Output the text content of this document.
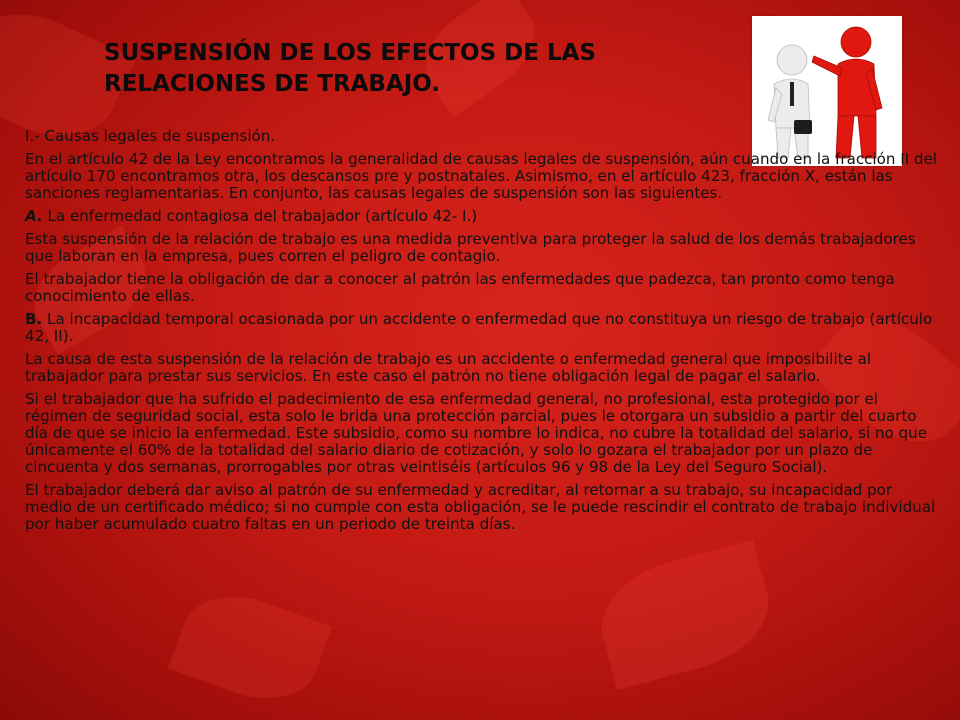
SUSPENSIÓN DE LOS EFECTOS DE LAS
RELACIONES DE TRABAJO.

I.- Causas legales de suspensión.

En el artículo 42 de la Ley encontramos la generalidad de causas legales de suspensión, aún cuando en la fracción II del artículo 170 encontramos otra, los descansos pre y postnatales. Asimismo, en el artículo 423, fracción X, están las sanciones reglamentarias. En conjunto, las causas legales de suspensión son las siguientes.

A. La enfermedad contagiosa del trabajador (artículo 42- I.)

Esta suspensión de la relación de trabajo es una medida preventiva para proteger la salud de los demás trabajadores que laboran en la empresa, pues corren el peligro de contagio.

El trabajador tiene la obligación de dar a conocer al patrón las enfermedades que padezca, tan pronto como tenga conocimiento de ellas.

B. La incapacidad temporal ocasionada por un accidente o enfermedad que no constituya un riesgo de trabajo (artículo 42, II).

La causa de esta suspensión de la relación de trabajo es un accidente o enfermedad general que imposibilite al trabajador para prestar sus servicios. En este caso el patrón no tiene obligación legal de pagar el salario.

Si el trabajador que ha sufrido el padecimiento de esa enfermedad general, no profesional, esta protegido por el régimen de seguridad social, esta solo le brida una protección parcial, pues le otorgara un subsidio a partir del cuarto día de que se inicio la enfermedad. Este subsidio, como su nombre lo indica, no cubre la totalidad del salario, si no que únicamente el 60% de la totalidad del salario diario de cotización, y solo lo gozara el trabajador por un plazo de cincuenta y dos semanas, prorrogables por otras veintiséis (artículos 96 y 98 de la Ley del Seguro Social).

El trabajador deberá dar aviso al patrón de su enfermedad y acreditar, al retornar a su trabajo, su incapacidad por medio de un certificado médico; si no cumple con esta obligación, se le puede rescindir el contrato de trabajo individual por haber acumulado cuatro faltas en un periodo de treinta días.
